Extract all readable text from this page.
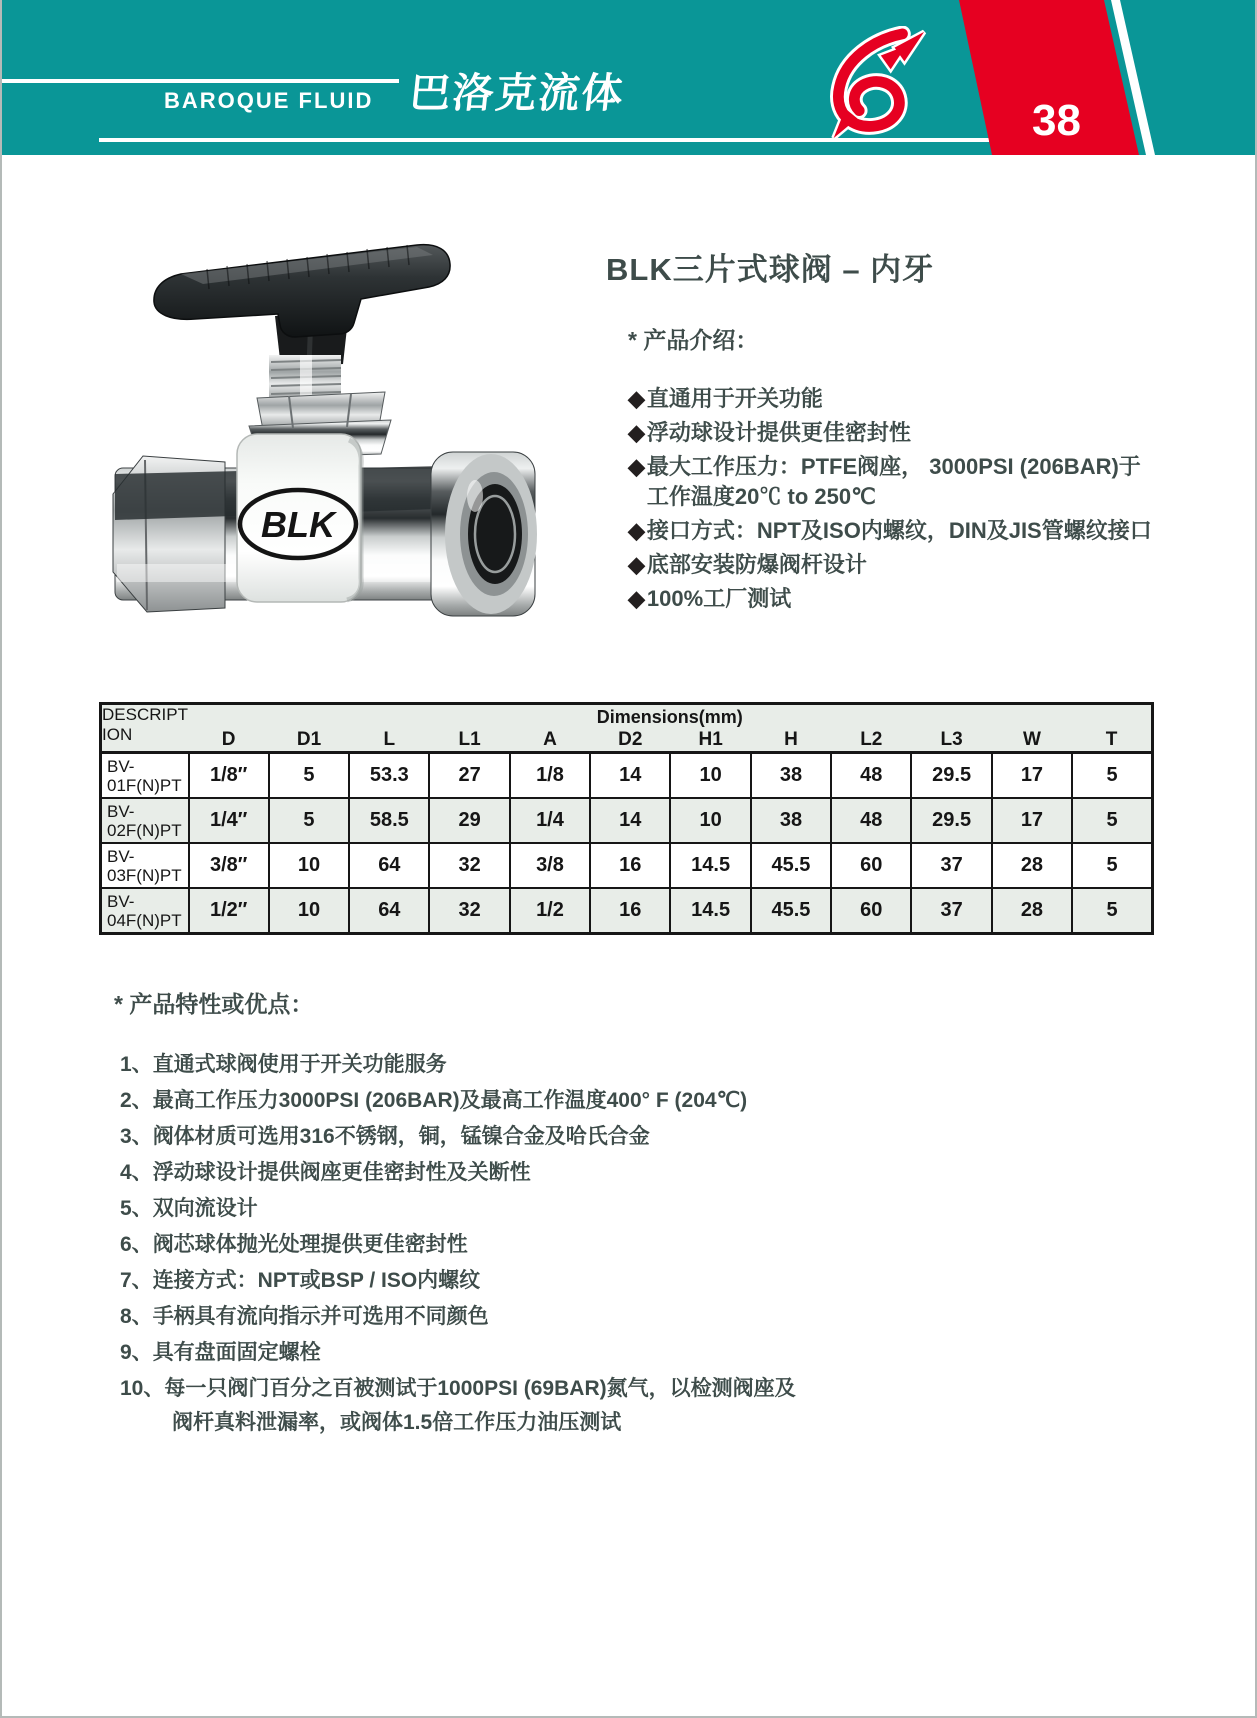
BAROQUE FLUID 巴洛克流体
38
BLK
BLK三片式球阀 – 内牙
* 产品介绍：
◆ 直通用于开关功能
◆ 浮动球设计提供更佳密封性
◆ 最大工作压力：PTFE阀座， 3000PSI (206BAR)于
工作温度20℃ to 250℃
◆ 接口方式：NPT及ISO内螺纹，DIN及JIS管螺纹接口
◆ 底部安装防爆阀杆设计
◆ 100%工厂测试
DESCRIPT
ION	Dimensions(mm)											
	D	D1	L	L1	A	D2	H1	H	L2	L3	W	T
BV-
01F(N)PT	1/8″	5	53.3	27	1/8	14	10	38	48	29.5	17	5
BV-
02F(N)PT	1/4″	5	58.5	29	1/4	14	10	38	48	29.5	17	5
BV-
03F(N)PT	3/8″	10	64	32	3/8	16	14.5	45.5	60	37	28	5
BV-
04F(N)PT	1/2″	10	64	32	1/2	16	14.5	45.5	60	37	28	5
* 产品特性或优点：
1、 直通式球阀使用于开关功能服务
2、 最高工作压力3000PSI (206BAR)及最高工作温度400° F (204℃)
3、 阀体材质可选用316不锈钢，铜，锰镍合金及哈氏合金
4、 浮动球设计提供阀座更佳密封性及关断性
5、 双向流设计
6、 阀芯球体抛光处理提供更佳密封性
7、 连接方式：NPT或BSP / ISO内螺纹
8、 手柄具有流向指示并可选用不同颜色
9、 具有盘面固定螺栓
10、 每一只阀门百分之百被测试于1000PSI (69BAR)氮气，以检测阀座及
阀杆真料泄漏率，或阀体1.5倍工作压力油压测试
